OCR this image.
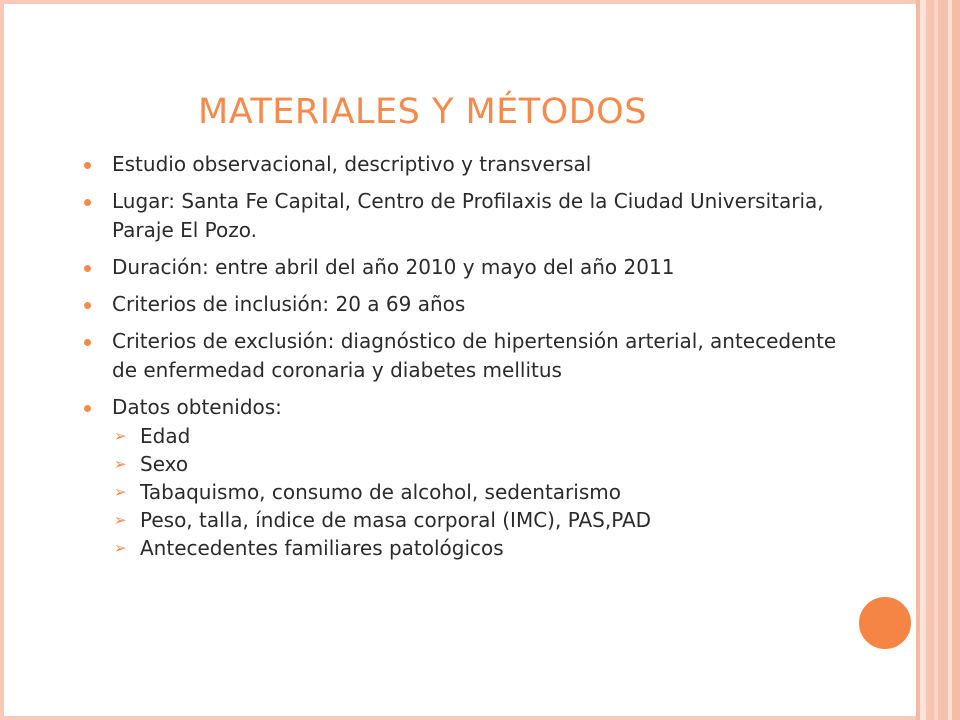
MATERIALES Y MÉTODOS
Estudio observacional, descriptivo y transversal
Lugar: Santa Fe Capital, Centro de Profilaxis de la Ciudad Universitaria, Paraje El Pozo.
Duración: entre abril del año 2010 y mayo del año 2011
Criterios de inclusión: 20 a 69 años
Criterios de exclusión: diagnóstico de hipertensión arterial, antecedente de enfermedad coronaria y diabetes mellitus
Datos obtenidos:
➢ Edad
➢ Sexo
➢ Tabaquismo, consumo de alcohol, sedentarismo
➢ Peso, talla, índice de masa corporal (IMC), PAS,PAD
➢ Antecedentes familiares patológicos
